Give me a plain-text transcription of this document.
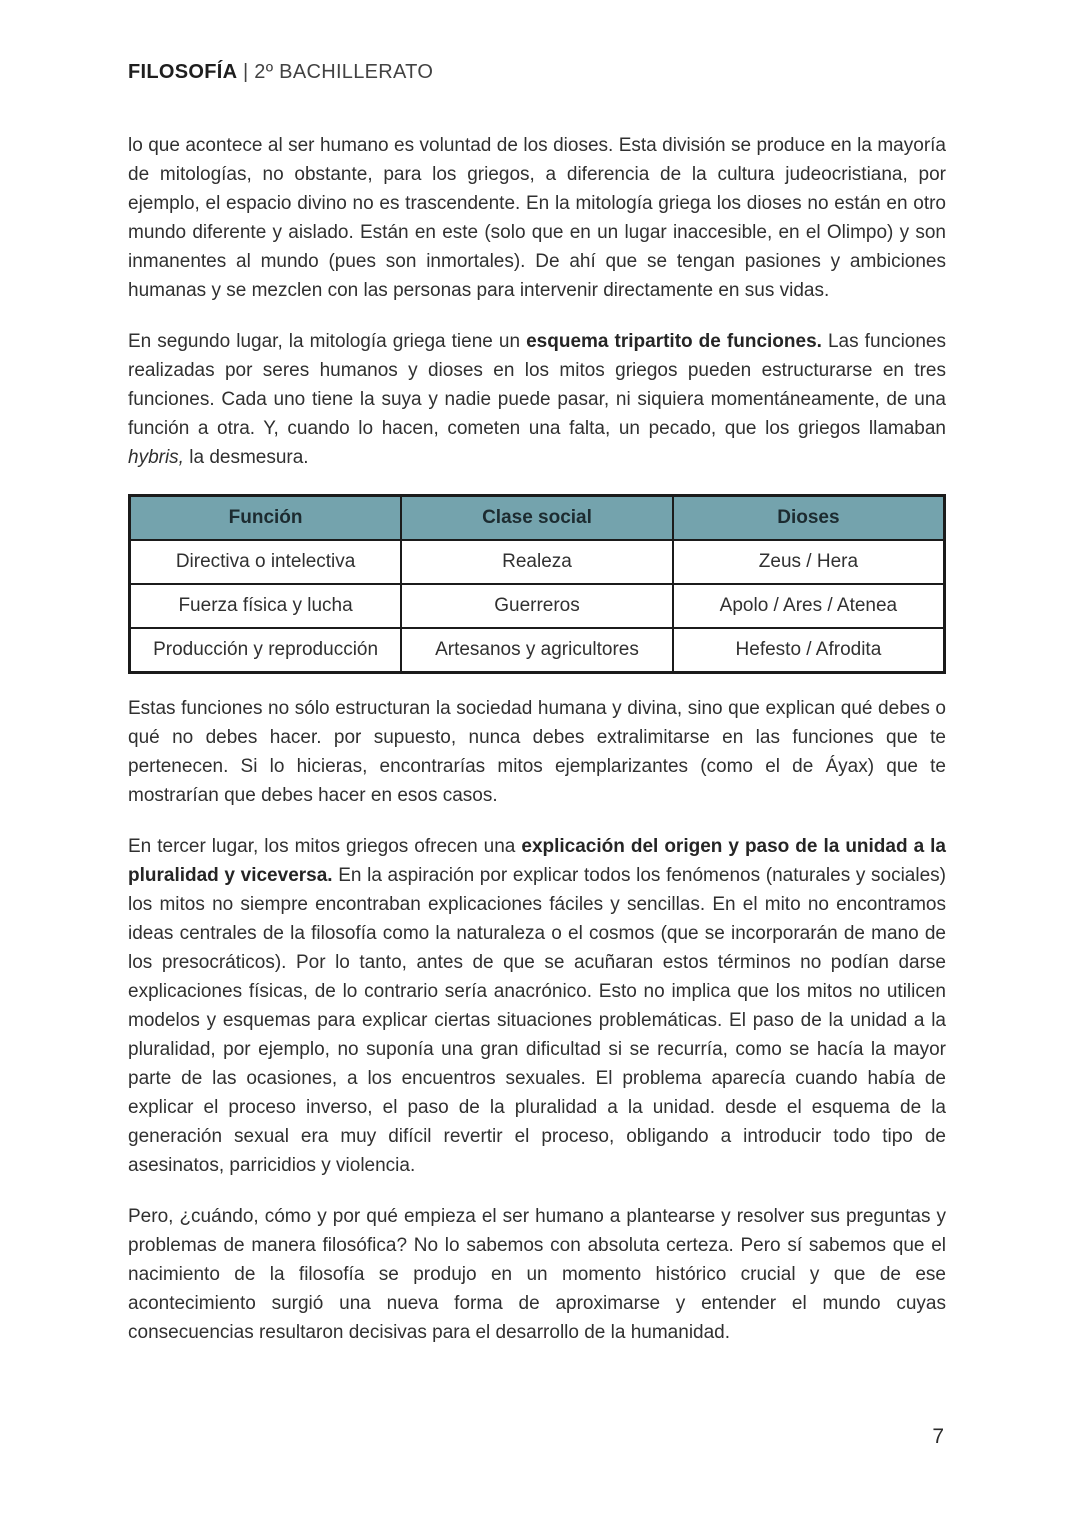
FILOSOFÍA | 2º BACHILLERATO

lo que acontece al ser humano es voluntad de los dioses. Esta división se produce en la mayoría de mitologías, no obstante, para los griegos, a diferencia de la cultura judeocristiana, por ejemplo, el espacio divino no es trascendente. En la mitología griega los dioses no están en otro mundo diferente y aislado. Están en este (solo que en un lugar inaccesible, en el Olimpo) y son inmanentes al mundo (pues son inmortales). De ahí que se tengan pasiones y ambiciones humanas y se mezclen con las personas para intervenir directamente en sus vidas.

En segundo lugar, la mitología griega tiene un esquema tripartito de funciones. Las funciones realizadas por seres humanos y dioses en los mitos griegos pueden estructurarse en tres funciones. Cada uno tiene la suya y nadie puede pasar, ni siquiera momentáneamente, de una función a otra. Y, cuando lo hacen, cometen una falta, un pecado, que los griegos llamaban hybris, la desmesura.

Función	Clase social	Dioses
Directiva o intelectiva	Realeza	Zeus / Hera
Fuerza física y lucha	Guerreros	Apolo / Ares / Atenea
Producción y reproducción	Artesanos y agricultores	Hefesto / Afrodita

Estas funciones no sólo estructuran la sociedad humana y divina, sino que explican qué debes o qué no debes hacer. por supuesto, nunca debes extralimitarse en las funciones que te pertenecen. Si lo hicieras, encontrarías mitos ejemplarizantes (como el de Áyax) que te mostrarían que debes hacer en esos casos.

En tercer lugar, los mitos griegos ofrecen una explicación del origen y paso de la unidad a la pluralidad y viceversa. En la aspiración por explicar todos los fenómenos (naturales y sociales) los mitos no siempre encontraban explicaciones fáciles y sencillas. En el mito no encontramos ideas centrales de la filosofía como la naturaleza o el cosmos (que se incorporarán de mano de los presocráticos). Por lo tanto, antes de que se acuñaran estos términos no podían darse explicaciones físicas, de lo contrario sería anacrónico. Esto no implica que los mitos no utilicen modelos y esquemas para explicar ciertas situaciones problemáticas. El paso de la unidad a la pluralidad, por ejemplo, no suponía una gran dificultad si se recurría, como se hacía la mayor parte de las ocasiones, a los encuentros sexuales. El problema aparecía cuando había de explicar el proceso inverso, el paso de la pluralidad a la unidad. desde el esquema de la generación sexual era muy difícil revertir el proceso, obligando a introducir todo tipo de asesinatos, parricidios y violencia.

Pero, ¿cuándo, cómo y por qué empieza el ser humano a plantearse y resolver sus preguntas y problemas de manera filosófica? No lo sabemos con absoluta certeza. Pero sí sabemos que el nacimiento de la filosofía se produjo en un momento histórico crucial y que de ese acontecimiento surgió una nueva forma de aproximarse y entender el mundo cuyas consecuencias resultaron decisivas para el desarrollo de la humanidad.

7
